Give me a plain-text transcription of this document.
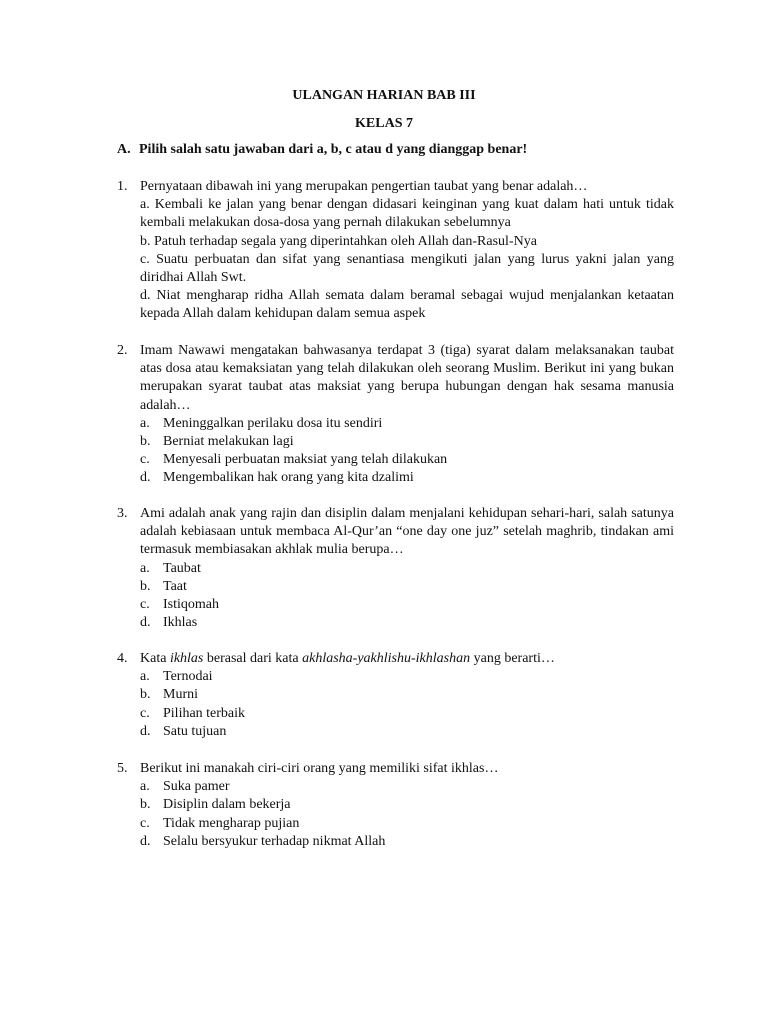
ULANGAN HARIAN BAB III
KELAS 7
A. Pilih salah satu jawaban dari a, b, c atau d yang dianggap benar!
1. Pernyataan dibawah ini yang merupakan pengertian taubat yang benar adalah…
a. Kembali ke jalan yang benar dengan didasari keinginan yang kuat dalam hati untuk tidak kembali melakukan dosa-dosa yang pernah dilakukan sebelumnya
b. Patuh terhadap segala yang diperintahkan oleh Allah dan-Rasul-Nya
c. Suatu perbuatan dan sifat yang senantiasa mengikuti jalan yang lurus yakni jalan yang diridhai Allah Swt.
d. Niat mengharap ridha Allah semata dalam beramal sebagai wujud menjalankan ketaatan kepada Allah dalam kehidupan dalam semua aspek
2. Imam Nawawi mengatakan bahwasanya terdapat 3 (tiga) syarat dalam melaksanakan taubat atas dosa atau kemaksiatan yang telah dilakukan oleh seorang Muslim. Berikut ini yang bukan merupakan syarat taubat atas maksiat yang berupa hubungan dengan hak sesama manusia adalah…
a. Meninggalkan perilaku dosa itu sendiri
b. Berniat melakukan lagi
c. Menyesali perbuatan maksiat yang telah dilakukan
d. Mengembalikan hak orang yang kita dzalimi
3. Ami adalah anak yang rajin dan disiplin dalam menjalani kehidupan sehari-hari, salah satunya adalah kebiasaan untuk membaca Al-Qur’an “one day one juz” setelah maghrib, tindakan ami termasuk membiasakan akhlak mulia berupa…
a. Taubat
b. Taat
c. Istiqomah
d. Ikhlas
4. Kata ikhlas berasal dari kata akhlasha-yakhlishu-ikhlashan yang berarti…
a. Ternodai
b. Murni
c. Pilihan terbaik
d. Satu tujuan
5. Berikut ini manakah ciri-ciri orang yang memiliki sifat ikhlas…
a. Suka pamer
b. Disiplin dalam bekerja
c. Tidak mengharap pujian
d. Selalu bersyukur terhadap nikmat Allah
